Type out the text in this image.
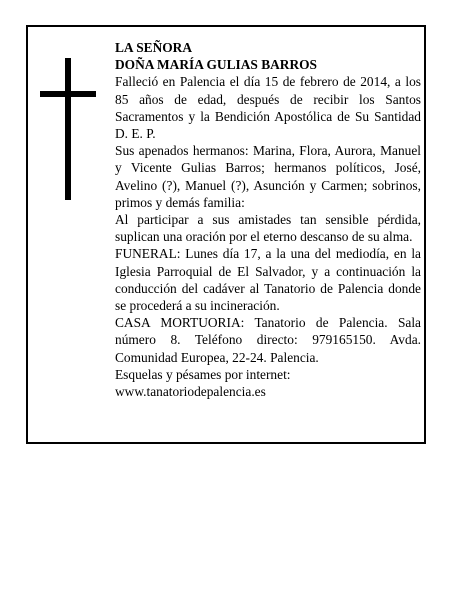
LA SEÑORA

DOÑA MARÍA GULIAS BARROS

Falleció en Palencia el día 15 de febrero de 2014, a los 85 años de edad, después de recibir los Santos Sacramentos y la Bendición Apostólica de Su Santidad D. E. P.

Sus apenados hermanos: Marina, Flora, Aurora, Manuel y Vicente Gulias Barros; hermanos políticos, José, Avelino (?), Manuel (?), Asunción y Carmen; sobrinos, primos y demás familia:

Al participar a sus amistades tan sensible pérdida, suplican una oración por el eterno descanso de su alma.

FUNERAL: Lunes día 17, a la una del mediodía, en la Iglesia Parroquial de El Salvador, y a continuación la conducción del cadáver al Tanatorio de Palencia donde se procederá a su incineración.

CASA MORTUORIA: Tanatorio de Palencia. Sala número 8. Teléfono directo: 979165150. Avda. Comunidad Europea, 22-24. Palencia.

Esquelas y pésames por internet:

www.tanatoriodepalencia.es
